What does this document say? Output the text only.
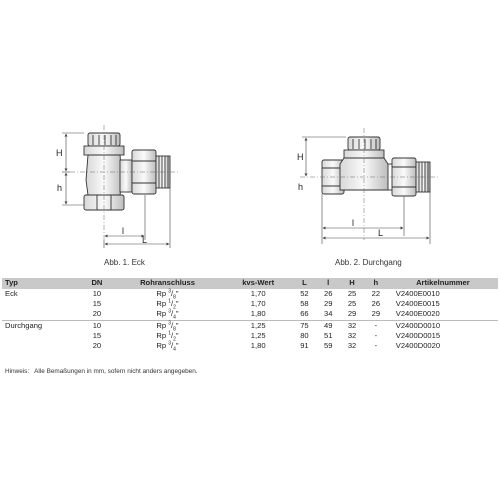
H
h
l
L
H
h
l
L
Abb. 1. Eck	Abb. 2. Durchgang
Typ	DN	Rohranschluss	kvs-Wert	L	l	H	h	Artikelnummer
Eck	10	Rp $^3/_8$"	1,70	52	26	25	22	V2400E0010
	15	Rp $^1/_2$"	1,70	58	29	25	26	V2400E0015
	20	Rp $^3/_4$"	1,80	66	34	29	29	V2400E0020
Durchgang	10	Rp $^3/_8$"	1,25	75	49	32	-	V2400D0010
	15	Rp $^1/_2$"	1,25	80	51	32	-	V2400D0015
	20	Rp $^3/_4$"	1,80	91	59	32	-	V2400D0020
Hinweis: Alle Bemaßungen in mm, sofern nicht anders angegeben.
